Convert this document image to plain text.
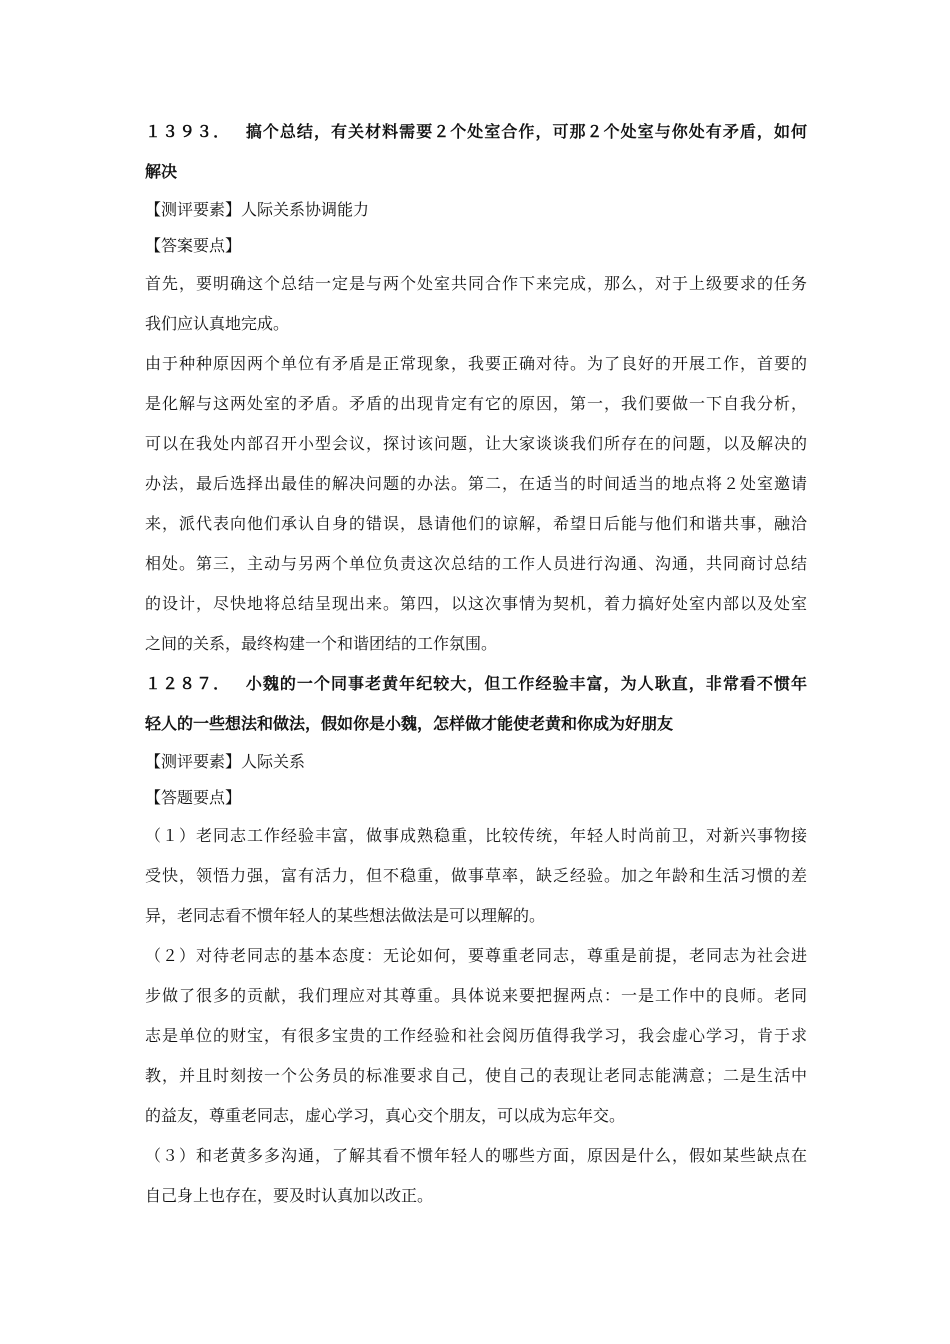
１３９３．　 搞个总结，有关材料需要２个处室合作，可那２个处室与你处有矛盾，如何

解决

【测评要素】人际关系协调能力

【答案要点】

首先，要明确这个总结一定是与两个处室共同合作下来完成，那么，对于上级要求的任务

我们应认真地完成。

由于种种原因两个单位有矛盾是正常现象，我要正确对待。为了良好的开展工作，首要的

是化解与这两处室的矛盾。矛盾的出现肯定有它的原因，第一，我们要做一下自我分析，

可以在我处内部召开小型会议，探讨该问题，让大家谈谈我们所存在的问题，以及解决的

办法，最后选择出最佳的解决问题的办法。第二，在适当的时间适当的地点将２处室邀请

来，派代表向他们承认自身的错误，恳请他们的谅解，希望日后能与他们和谐共事，融洽

相处。第三，主动与另两个单位负责这次总结的工作人员进行沟通、沟通，共同商讨总结

的设计，尽快地将总结呈现出来。第四，以这次事情为契机，着力搞好处室内部以及处室

之间的关系，最终构建一个和谐团结的工作氛围。

１２８７．　 小魏的一个同事老黄年纪较大，但工作经验丰富，为人耿直，非常看不惯年

轻人的一些想法和做法，假如你是小魏，怎样做才能使老黄和你成为好朋友

【测评要素】人际关系

【答题要点】

（１）老同志工作经验丰富，做事成熟稳重，比较传统，年轻人时尚前卫，对新兴事物接

受快，领悟力强，富有活力，但不稳重，做事草率，缺乏经验。加之年龄和生活习惯的差

异，老同志看不惯年轻人的某些想法做法是可以理解的。

（２）对待老同志的基本态度：无论如何，要尊重老同志，尊重是前提，老同志为社会进

步做了很多的贡献，我们理应对其尊重。具体说来要把握两点：一是工作中的良师。老同

志是单位的财宝，有很多宝贵的工作经验和社会阅历值得我学习，我会虚心学习，肯于求

教，并且时刻按一个公务员的标准要求自己，使自己的表现让老同志能满意；二是生活中

的益友，尊重老同志，虚心学习，真心交个朋友，可以成为忘年交。

（３）和老黄多多沟通，了解其看不惯年轻人的哪些方面，原因是什么，假如某些缺点在

自己身上也存在，要及时认真加以改正。
